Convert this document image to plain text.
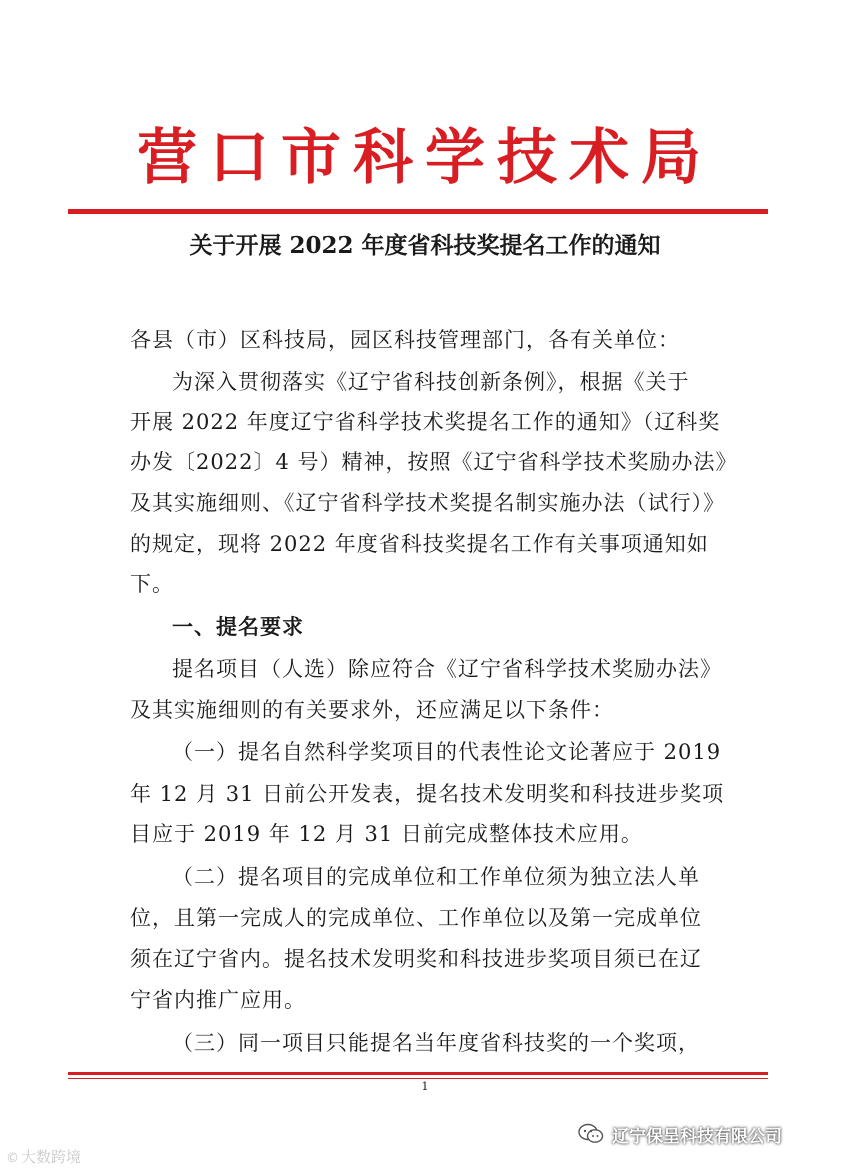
营口市科学技术局
关于开展 2022 年度省科技奖提名工作的通知
各县（市）区科技局，园区科技管理部门，各有关单位：
为深入贯彻落实《辽宁省科技创新条例》，根据《关于
开展 2022 年度辽宁省科学技术奖提名工作的通知》（辽科奖
办发〔2022〕4 号）精神，按照《辽宁省科学技术奖励办法》
及其实施细则、《辽宁省科学技术奖提名制实施办法（试行）》
的规定，现将 2022 年度省科技奖提名工作有关事项通知如
下。
一、提名要求
提名项目（人选）除应符合《辽宁省科学技术奖励办法》
及其实施细则的有关要求外，还应满足以下条件：
（一）提名自然科学奖项目的代表性论文论著应于 2019
年 12 月 31 日前公开发表，提名技术发明奖和科技进步奖项
目应于 2019 年 12 月 31 日前完成整体技术应用。
（二）提名项目的完成单位和工作单位须为独立法人单
位，且第一完成人的完成单位、工作单位以及第一完成单位
须在辽宁省内。提名技术发明奖和科技进步奖项目须已在辽
宁省内推广应用。
（三）同一项目只能提名当年度省科技奖的一个奖项，
1
© 大数跨境
辽宁保呈科技有限公司
